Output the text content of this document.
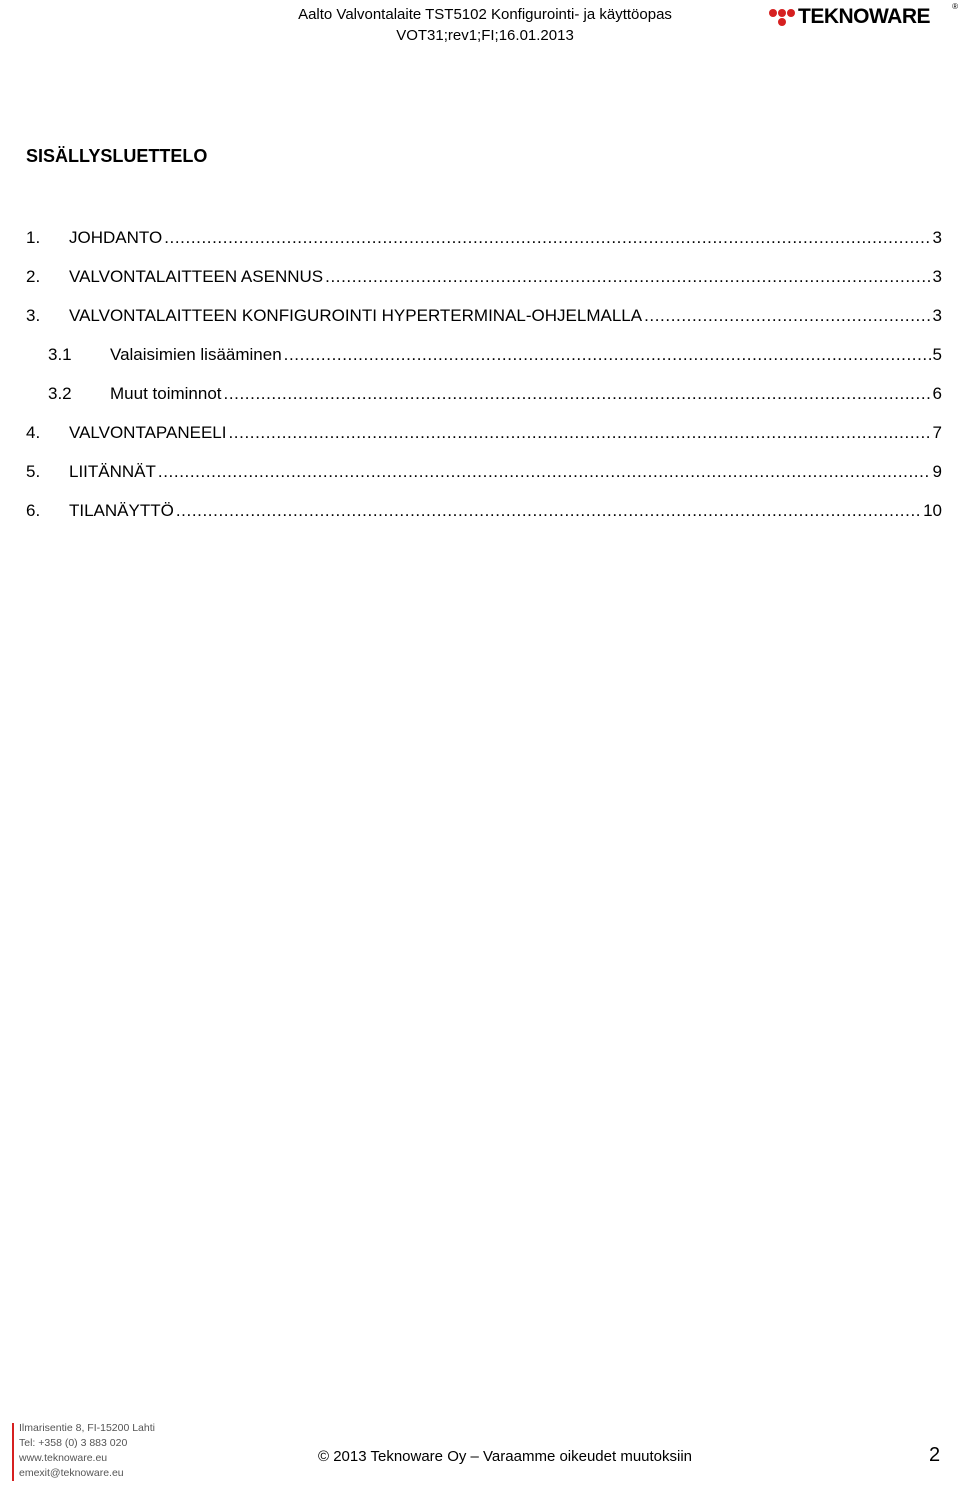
Aalto Valvontalaite TST5102 Konfigurointi- ja käyttöopas
VOT31;rev1;FI;16.01.2013
TEKNOWARE	®
SISÄLLYSLUETTELO
1.	JOHDANTO .....	3
2.	VALVONTALAITTEEN ASENNUS .....	3
3.	VALVONTALAITTEEN KONFIGUROINTI HYPERTERMINAL-OHJELMALLA .....	3
3.1	Valaisimien lisääminen .....	5
3.2	Muut toiminnot .....	6
4.	VALVONTAPANEELI .....	7
5.	LIITÄNNÄT .....	9
6.	TILANÄYTTÖ .....	10
Ilmarisentie 8, FI-15200 Lahti
Tel: +358 (0) 3 883 020
www.teknoware.eu
emexit@teknoware.eu
© 2013 Teknoware Oy – Varaamme oikeudet muutoksiin	2
